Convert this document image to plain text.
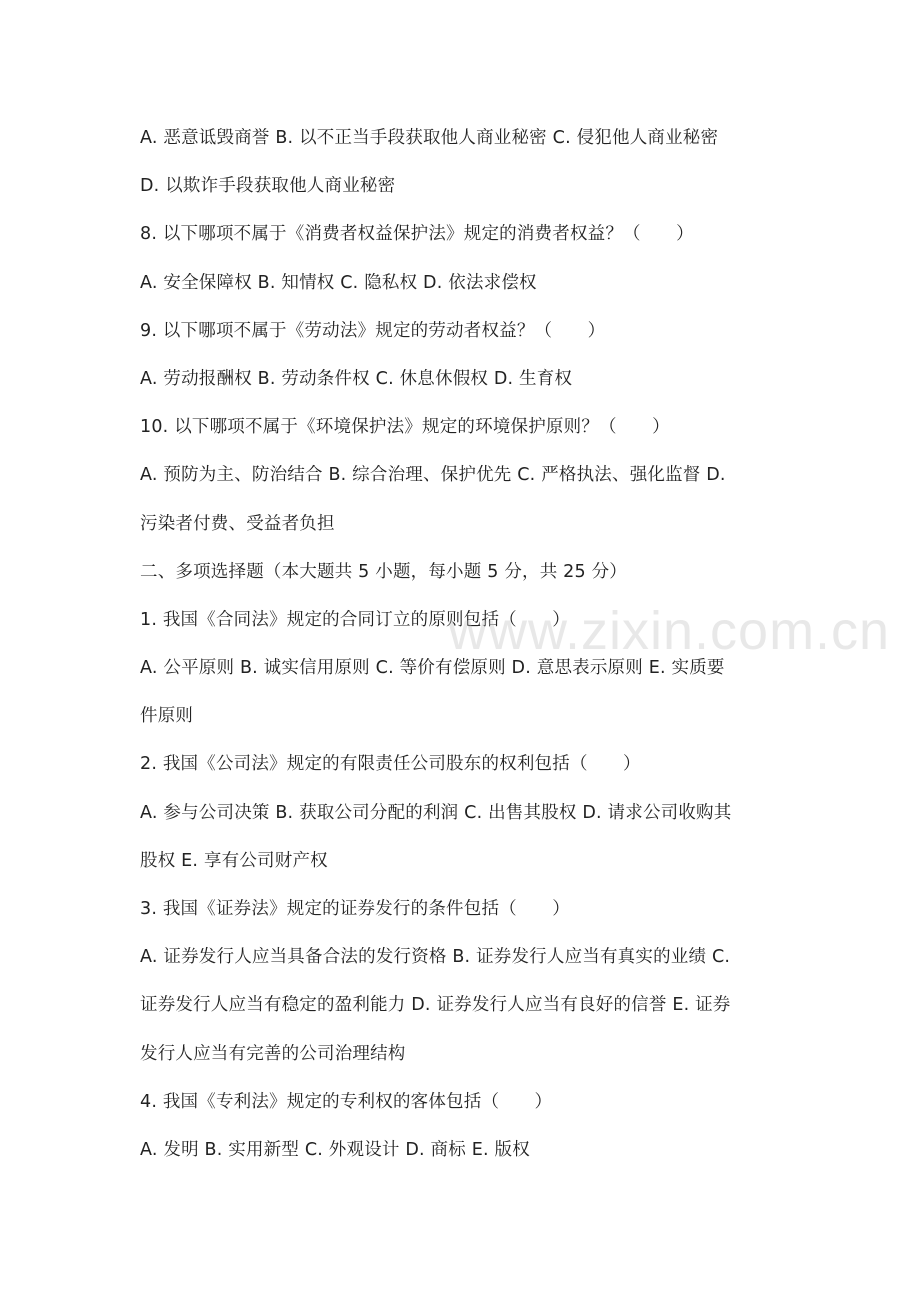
A. 恶意诋毁商誉 B. 以不正当手段获取他人商业秘密 C. 侵犯他人商业秘密
D. 以欺诈手段获取他人商业秘密
8. 以下哪项不属于《消费者权益保护法》规定的消费者权益？（　　）
A. 安全保障权 B. 知情权 C. 隐私权 D. 依法求偿权
9. 以下哪项不属于《劳动法》规定的劳动者权益？（　　）
A. 劳动报酬权 B. 劳动条件权 C. 休息休假权 D. 生育权
10. 以下哪项不属于《环境保护法》规定的环境保护原则？（　　）
A. 预防为主、防治结合 B. 综合治理、保护优先 C. 严格执法、强化监督 D.
污染者付费、受益者负担
二、多项选择题（本大题共 5 小题，每小题 5 分，共 25 分）
1. 我国《合同法》规定的合同订立的原则包括（　　）
A. 公平原则 B. 诚实信用原则 C. 等价有偿原则 D. 意思表示原则 E. 实质要
件原则
2. 我国《公司法》规定的有限责任公司股东的权利包括（　　）
A. 参与公司决策 B. 获取公司分配的利润 C. 出售其股权 D. 请求公司收购其
股权 E. 享有公司财产权
3. 我国《证券法》规定的证券发行的条件包括（　　）
A. 证券发行人应当具备合法的发行资格 B. 证券发行人应当有真实的业绩 C.
证券发行人应当有稳定的盈利能力 D. 证券发行人应当有良好的信誉 E. 证券
发行人应当有完善的公司治理结构
4. 我国《专利法》规定的专利权的客体包括（　　）
A. 发明 B. 实用新型 C. 外观设计 D. 商标 E. 版权
www.zixin.com.cn
